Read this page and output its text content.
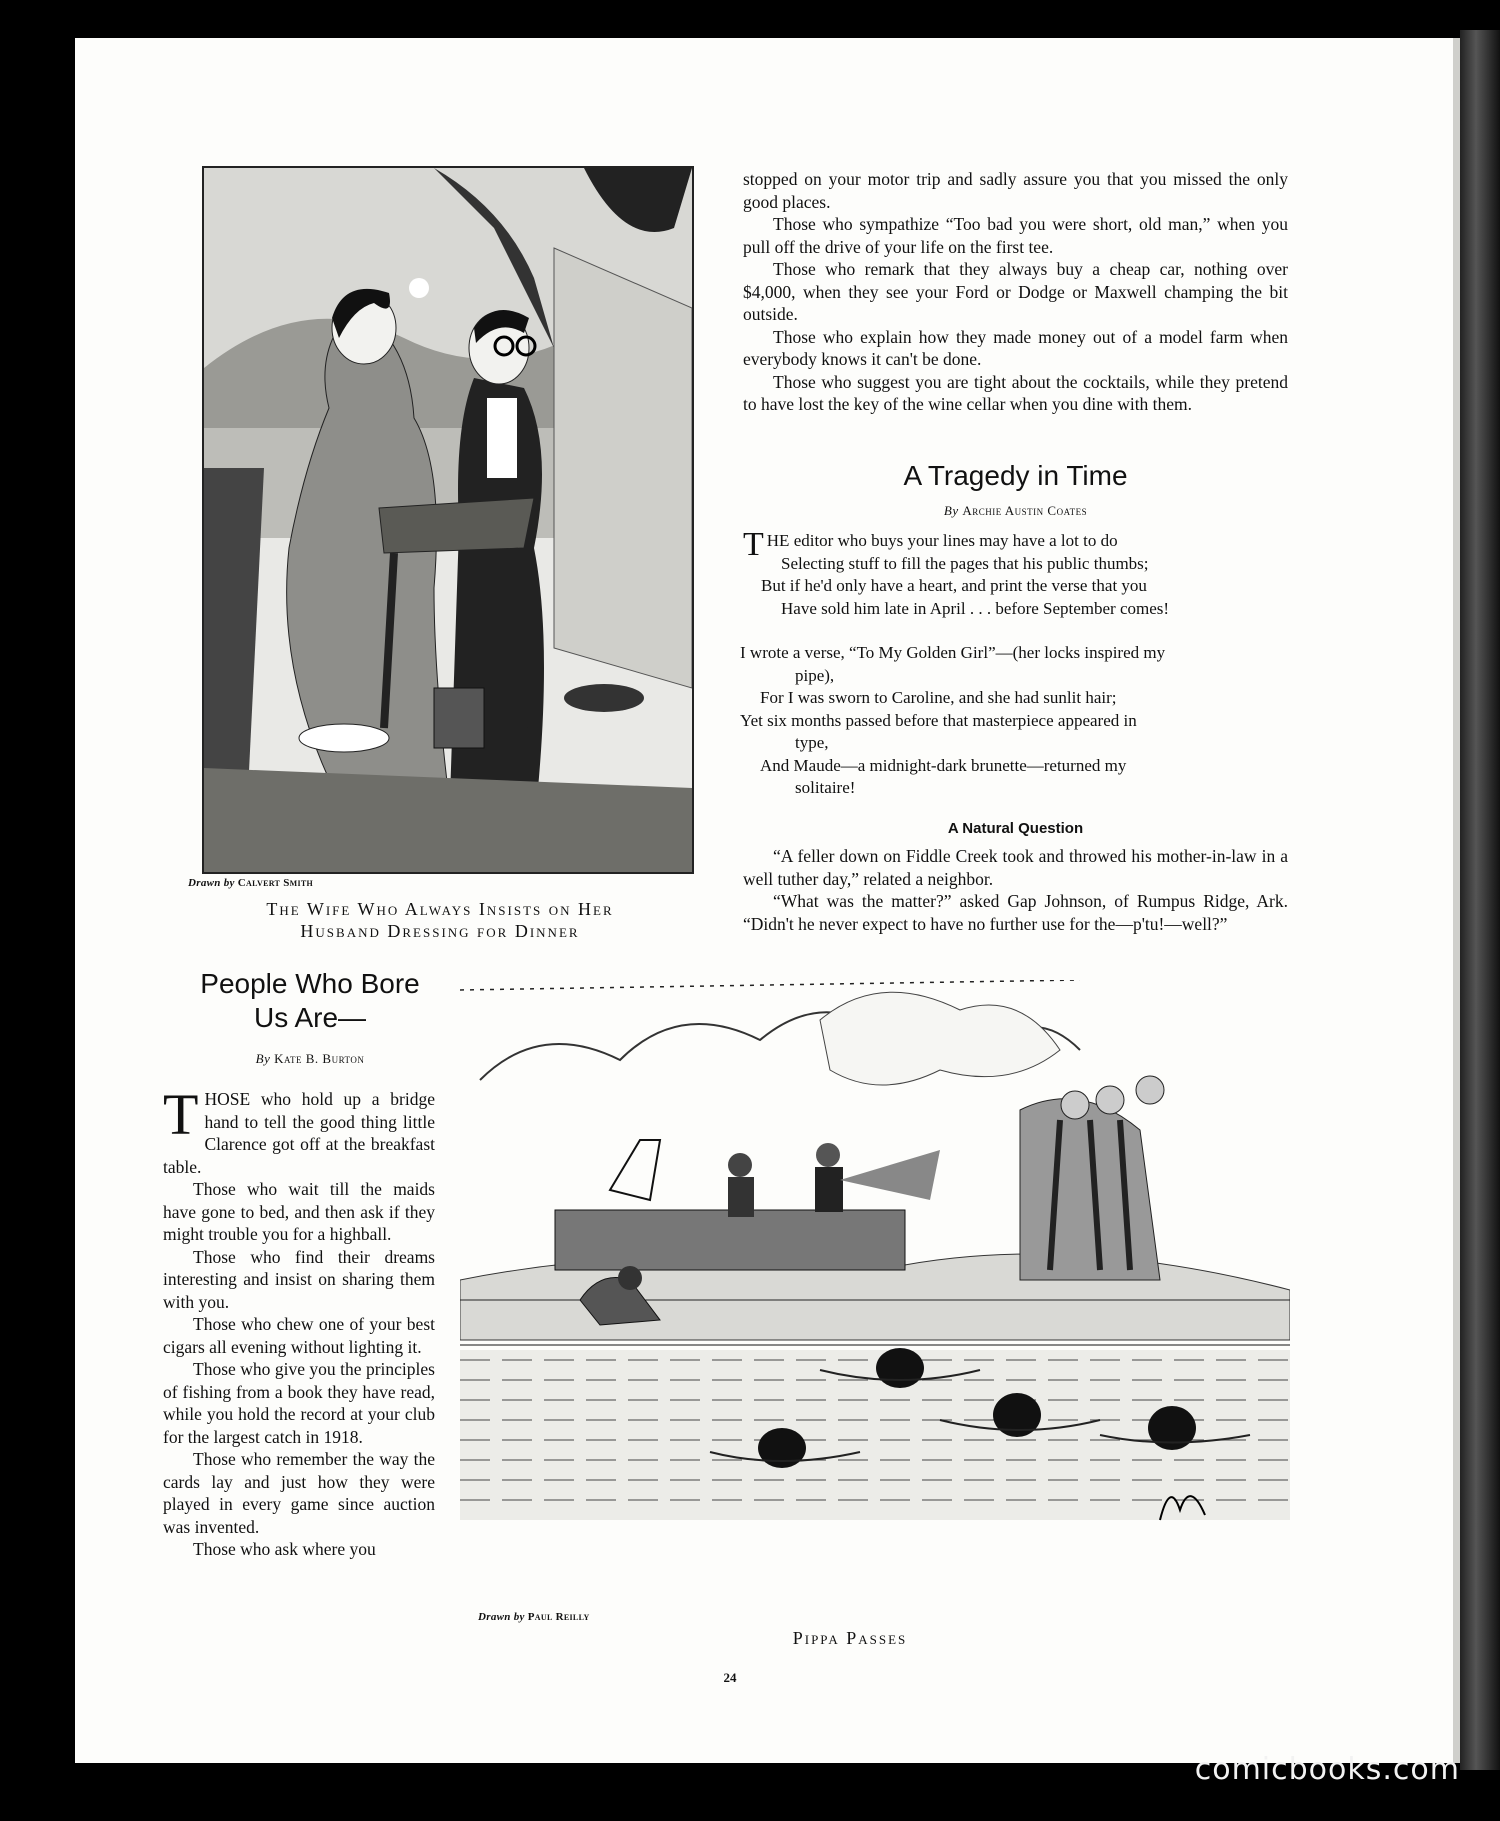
Drawn by Calvert Smith
The Wife Who Always Insists on Her
Husband Dressing for Dinner
People Who Bore
Us Are—
By Kate B. Burton

THOSE who hold up a bridge hand to tell the good thing little Clarence got off at the breakfast table.

Those who wait till the maids have gone to bed, and then ask if they might trouble you for a highball.

Those who find their dreams interesting and insist on sharing them with you.

Those who chew one of your best cigars all evening without lighting it.

Those who give you the principles of fishing from a book they have read, while you hold the record at your club for the largest catch in 1918.

Those who remember the way the cards lay and just how they were played in every game since auction was invented.

Those who ask where you

stopped on your motor trip and sadly assure you that you missed the only good places.

Those who sympathize “Too bad you were short, old man,” when you pull off the drive of your life on the first tee.

Those who remark that they always buy a cheap car, nothing over $4,000, when they see your Ford or Dodge or Maxwell champing the bit outside.

Those who explain how they made money out of a model farm when everybody knows it can't be done.

Those who suggest you are tight about the cocktails, while they pretend to have lost the key of the wine cellar when you dine with them.

A Tragedy in Time
By Archie Austin Coates
THE editor who buys your lines may have a lot to do
Selecting stuff to fill the pages that his public thumbs;
But if he'd only have a heart, and print the verse that you
Have sold him late in April . . . before September comes!
I wrote a verse, “To My Golden Girl”—(her locks inspired my
pipe),
For I was sworn to Caroline, and she had sunlit hair;
Yet six months passed before that masterpiece appeared in
type,
And Maude—a midnight-dark brunette—returned my
solitaire!
A Natural Question

“A feller down on Fiddle Creek took and throwed his mother-in-law in a well tuther day,” related a neighbor.

“What was the matter?” asked Gap Johnson, of Rumpus Ridge, Ark. “Didn't he never expect to have no further use for the—p'tu!—well?”

Drawn by Paul Reilly
Pippa Passes
24
comicbooks.com
